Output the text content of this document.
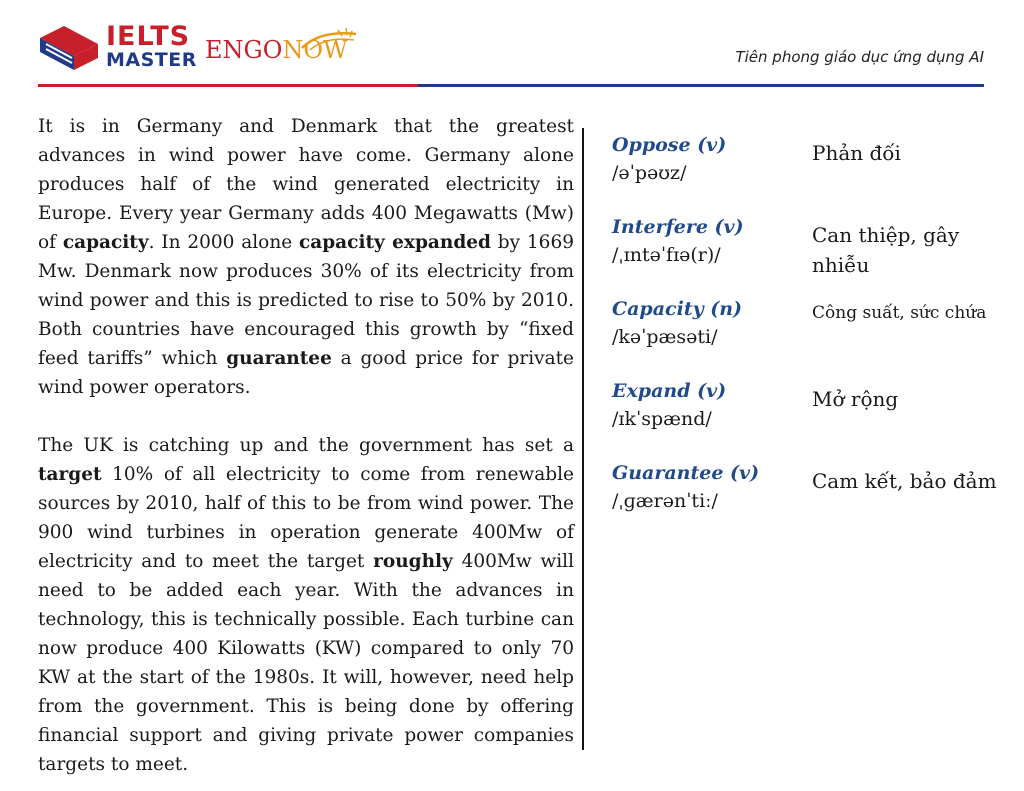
IELTS
MASTER ENGONOW	Tiên phong giáo dục ứng dụng AI

It is in Germany and Denmark that the greatest advances in wind power have come. Germany alone produces half of the wind generated electricity in Europe. Every year Germany adds 400 Megawatts (Mw) of capacity. In 2000 alone capacity expanded by 1669 Mw. Denmark now produces 30% of its electricity from wind power and this is predicted to rise to 50% by 2010. Both countries have encouraged this growth by “fixed feed tariffs” which guarantee a good price for private wind power operators.

The UK is catching up and the government has set a target 10% of all electricity to come from renewable sources by 2010, half of this to be from wind power. The 900 wind turbines in operation generate 400Mw of electricity and to meet the target roughly 400Mw will need to be added each year. With the advances in technology, this is technically possible. Each turbine can now produce 400 Kilowatts (KW) compared to only 70 KW at the start of the 1980s. It will, however, need help from the government. This is being done by offering financial support and giving private power companies targets to meet.

Oppose (v)
/əˈpəʊz/
Phản đối
Interfere (v)
/ˌɪntəˈfɪə(r)/
Can thiệp, gây nhiễu
Capacity (n)
/kəˈpæsəti/
Công suất, sức chứa
Expand (v)
/ɪkˈspænd/
Mở rộng
Guarantee (v)
/ˌɡærənˈtiː/
Cam kết, bảo đảm
